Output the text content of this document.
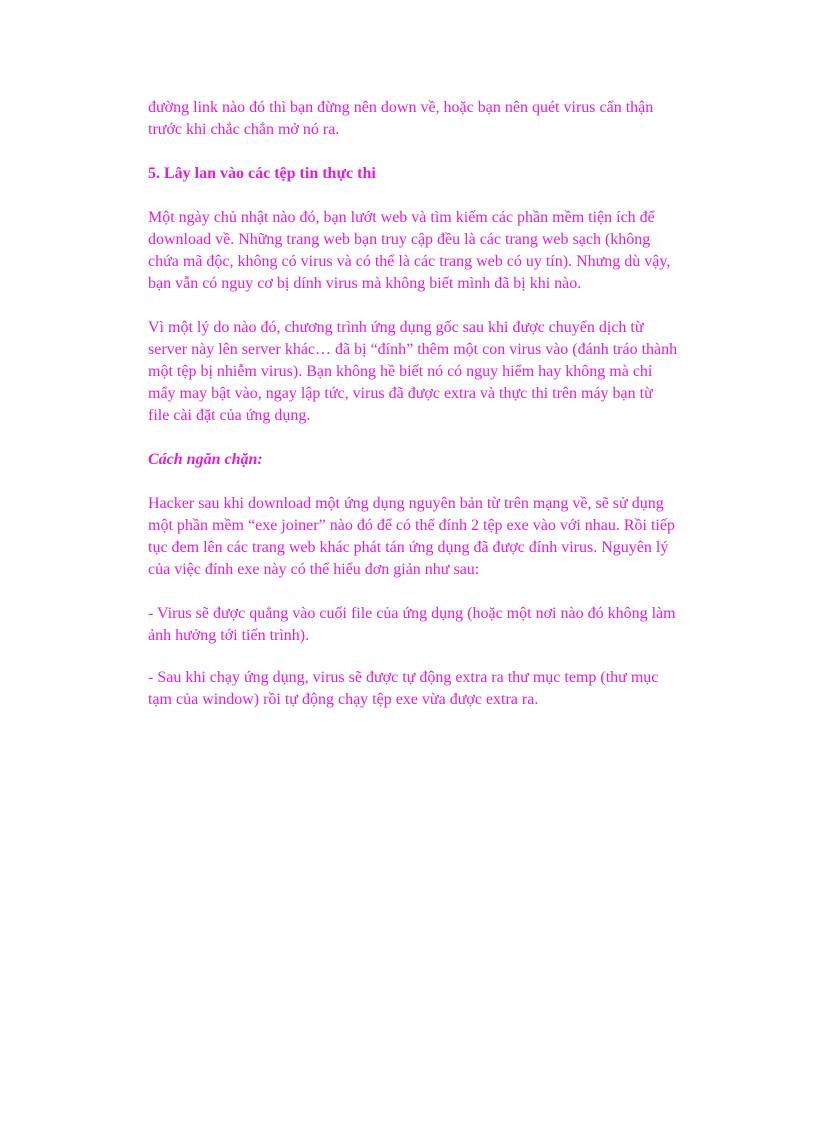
đường link nào đó thì bạn đừng nên down về, hoặc bạn nên quét virus cẩn thận trước khi chắc chắn mở nó ra.

5. Lây lan vào các tệp tin thực thi

Một ngày chủ nhật nào đó, bạn lướt web và tìm kiếm các phần mềm tiện ích để download về. Những trang web bạn truy cập đều là các trang web sạch (không chứa mã độc, không có virus và có thể là các trang web có uy tín). Nhưng dù vậy, bạn vẫn có nguy cơ bị dính virus mà không biết mình đã bị khi nào.

Vì một lý do nào đó, chương trình ứng dụng gốc sau khi được chuyển dịch từ server này lên server khác… đã bị “đính” thêm một con virus vào (đánh tráo thành một tệp bị nhiễm virus). Bạn không hề biết nó có nguy hiểm hay không mà chỉ mẩy may bật vào, ngay lập tức, virus đã được extra và thực thi trên máy bạn từ file cài đặt của ứng dụng.

Cách ngăn chặn:

Hacker sau khi download một ứng dụng nguyên bản từ trên mạng về, sẽ sử dụng một phần mềm “exe joiner” nào đó để có thể đính 2 tệp exe vào với nhau. Rồi tiếp tục đem lên các trang web khác phát tán ứng dụng đã được đính virus. Nguyên lý của việc đính exe này có thể hiểu đơn giản như sau:

- Virus sẽ được quẳng vào cuối file của ứng dụng (hoặc một nơi nào đó không làm ảnh hưởng tới tiến trình).

- Sau khi chạy ứng dụng, virus sẽ được tự động extra ra thư mục temp (thư mục tạm của window) rồi tự động chạy tệp exe vừa được extra ra.
